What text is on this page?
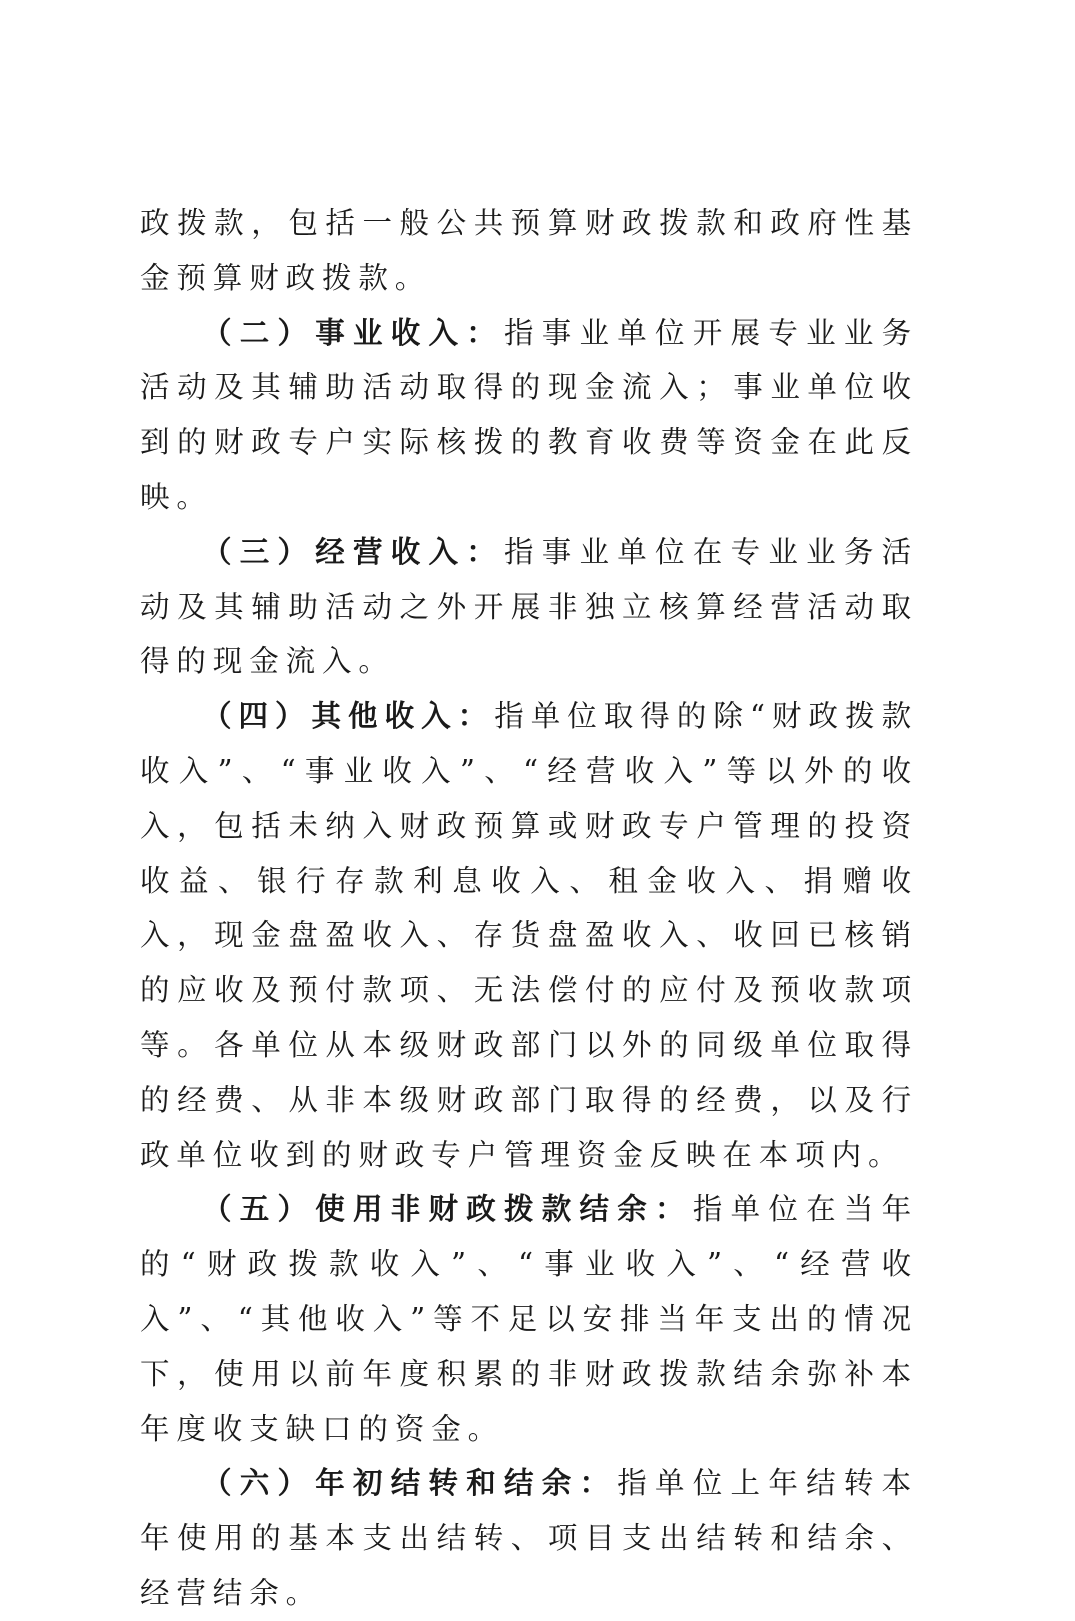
政拨款，包括一般公共预算财政拨款和政府性基金预算财政拨款。

（二）事业收入：指事业单位开展专业业务活动及其辅助活动取得的现金流入；事业单位收到的财政专户实际核拨的教育收费等资金在此反映。

（三）经营收入：指事业单位在专业业务活动及其辅助活动之外开展非独立核算经营活动取得的现金流入。

（四）其他收入：指单位取得的除“财政拨款收入”、“事业收入”、“经营收入”等以外的收入，包括未纳入财政预算或财政专户管理的投资收益、银行存款利息收入、租金收入、捐赠收入，现金盘盈收入、存货盘盈收入、收回已核销的应收及预付款项、无法偿付的应付及预收款项等。各单位从本级财政部门以外的同级单位取得的经费、从非本级财政部门取得的经费，以及行政单位收到的财政专户管理资金反映在本项内。

（五）使用非财政拨款结余：指单位在当年的“财政拨款收入”、“事业收入”、“经营收入”、“其他收入”等不足以安排当年支出的情况下，使用以前年度积累的非财政拨款结余弥补本年度收支缺口的资金。

（六）年初结转和结余：指单位上年结转本年使用的基本支出结转、项目支出结转和结余、经营结余。
